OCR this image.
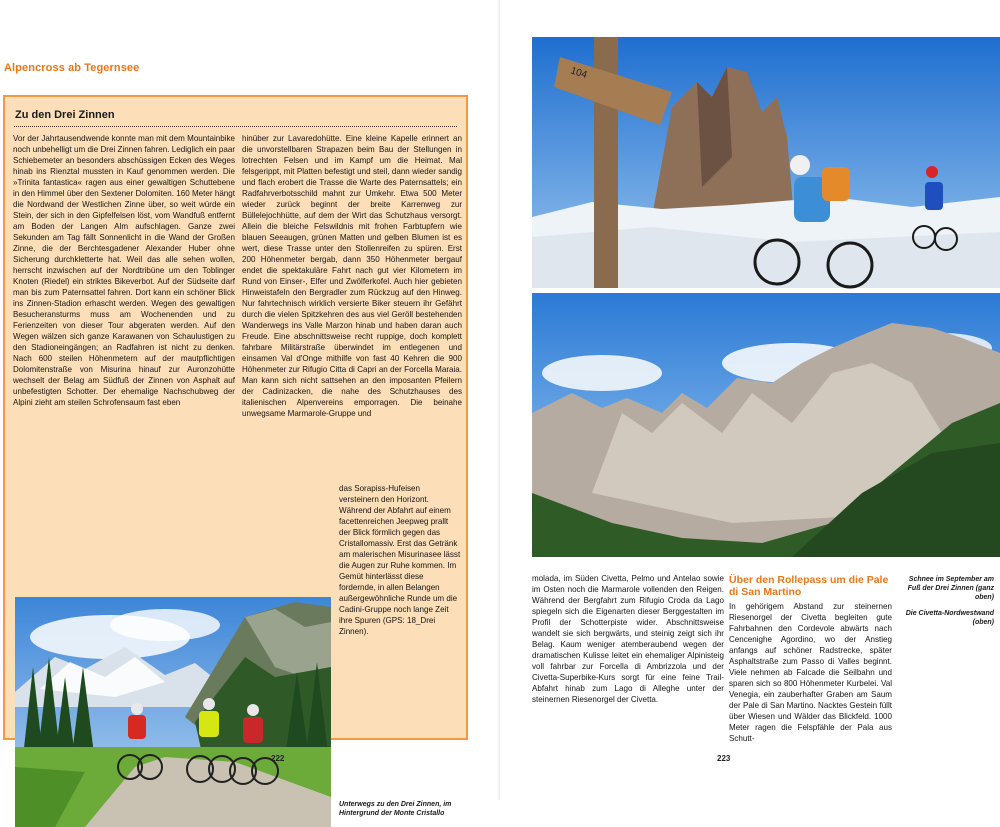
Alpencross ab Tegernsee
Zu den Drei Zinnen
Vor der Jahrtausendwende konnte man mit dem Mountainbike noch unbehelligt um die Drei Zinnen fahren. Lediglich ein paar Schiebemeter an besonders abschüssigen Ecken des Weges hinab ins Rienztal mussten in Kauf genommen werden. Die »Trinita fantastica« ragen aus einer gewaltigen Schuttebene in den Himmel über den Sextener Dolomiten. 160 Meter hängt die Nordwand der Westlichen Zinne über, so weit würde ein Stein, der sich in den Gipfelfelsen löst, vom Wandfuß entfernt am Boden der Langen Alm aufschlagen. Ganze zwei Sekunden am Tag fällt Sonnenlicht in die Wand der Großen Zinne, die der Berchtesgadener Alexander Huber ohne Sicherung durchkletterte hat. Weil das alle sehen wollen, herrscht inzwischen auf der Nordtribüne um den Toblinger Knoten (Riedel) ein striktes Bikeverbot. Auf der Südseite darf man bis zum Paternsattel fahren. Dort kann ein schöner Blick ins Zinnen-Stadion erhascht werden. Wegen des gewaltigen Besucheransturms muss am Wochenenden und zu Ferienzeiten von dieser Tour abgeraten werden. Auf den Wegen wälzen sich ganze Karawanen von Schaulustigen zu den Stadioneingängen; an Radfahren ist nicht zu denken. Nach 600 steilen Höhenmetern auf der mautpflichtigen Dolomitenstraße von Misurina hinauf zur Auronzohütte wechselt der Belag am Südfuß der Zinnen von Asphalt auf unbefestigten Schotter. Der ehemalige Nachschubweg der Alpini zieht am steilen Schrofensaum fast eben
hinüber zur Lavaredohütte. Eine kleine Kapelle erinnert an die unvorstellbaren Strapazen beim Bau der Stellungen in lotrechten Felsen und im Kampf um die Heimat. Mal felsgerippt, mit Platten befestigt und steil, dann wieder sandig und flach erobert die Trasse die Warte des Paternsattels; ein Radfahrverbotsschild mahnt zur Umkehr. Etwa 500 Meter wieder zurück beginnt der breite Karrenweg zur Büllelejochhütte, auf dem der Wirt das Schutzhaus versorgt. Allein die bleiche Felswildnis mit frohen Farbtupfern wie blauen Seeaugen, grünen Matten und gelben Blumen ist es wert, diese Trasse unter den Stollenreifen zu spüren. Erst 200 Höhenmeter bergab, dann 350 Höhenmeter bergauf endet die spektakuläre Fahrt nach gut vier Kilometern im Rund von Einser-, Elfer und Zwölferkofel. Auch hier gebieten Hinweistafeln den Bergradler zum Rückzug auf den Hinweg. Nur fahrtechnisch wirklich versierte Biker steuern ihr Gefährt durch die vielen Spitzkehren des aus viel Geröll bestehenden Wanderwegs ins Valle Marzon hinab und haben daran auch Freude. Eine abschnittsweise recht ruppige, doch komplett fahrbare Militärstraße überwindet im entlegenen und einsamen Val d'Onge mithilfe von fast 40 Kehren die 900 Höhenmeter zur Rifugio Citta di Capri an der Forcella Maraia. Man kann sich nicht sattsehen an den imposanten Pfeilern der Cadinizacken, die nahe des Schutzhauses des italienischen Alpenvereins emporragen. Die beinahe unwegsame Marmarole-Gruppe und
das Sorapiss-Hufeisen versteinern den Horizont. Während der Abfahrt auf einem facettenreichen Jeepweg prallt der Blick förmlich gegen das Cristallomassiv. Erst das Getränk am malerischen Misurinasee lässt die Augen zur Ruhe kommen. Im Gemüt hinterlässt diese fordernde, in allen Belangen außergewöhnliche Runde um die Cadini-Gruppe noch lange Zeit ihre Spuren (GPS: 18_Drei Zinnen).
Unterwegs zu den Drei Zinnen, im Hintergrund der Monte Cristallo
222
104
molada, im Süden Civetta, Pelmo und Antelao sowie im Osten noch die Marmarole vollenden den Reigen. Während der Bergfahrt zum Rifugio Croda da Lago spiegeln sich die Eigenarten dieser Berggestalten im Profil der Schotterpiste wider. Abschnittsweise wandelt sie sich bergwärts, und steinig zeigt sich ihr Belag. Kaum weniger atemberaubend wegen der dramatischen Kulisse leitet ein ehemaliger Alpinisteig voll fahrbar zur Forcella di Ambrizzola und der Civetta-Superbike-Kurs sorgt für eine feine Trail-Abfahrt hinab zum Lago di Alleghe unter der steinernen Riesenorgel der Civetta.
Über den Rollepass um die Pale di San Martino
In gehörigem Abstand zur steinernen Riesenorgel der Civetta begleiten gute Fahrbahnen den Cordevole abwärts nach Cencenighe Agordino, wo der Anstieg anfangs auf schöner Radstrecke, später Asphaltstraße zum Passo di Valles beginnt. Viele nehmen ab Falcade die Seilbahn und sparen sich so 800 Höhenmeter Kurbelei. Val Venegia, ein zauberhafter Graben am Saum der Pale di San Martino. Nacktes Gestein füllt über Wiesen und Wälder das Blickfeld. 1000 Meter ragen die Felspfähle der Pala aus Schutt-

Schnee im September am Fuß der Drei Zinnen (ganz oben)

Die Civetta-Nordwestwand (oben)

223
